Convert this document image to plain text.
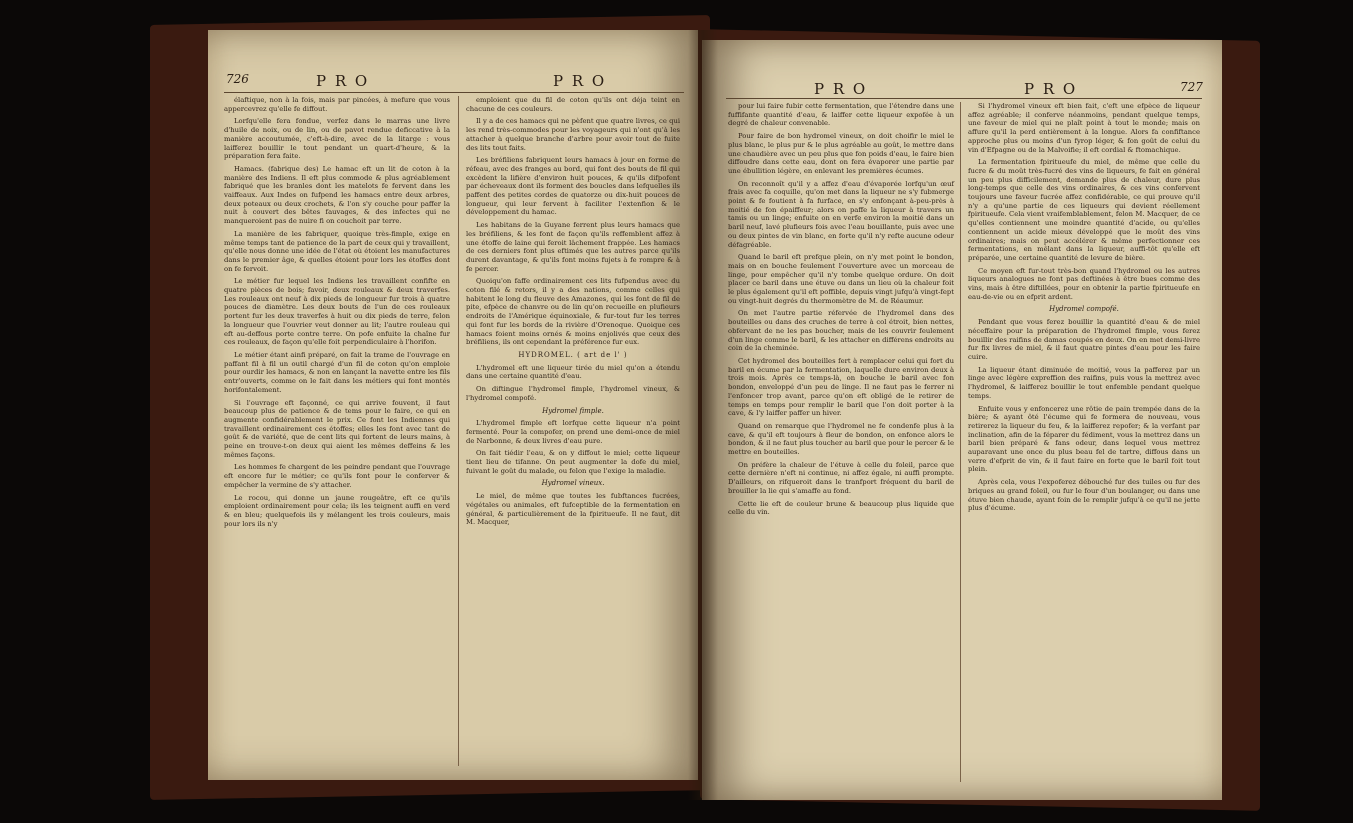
726	P R O	P R O

élaftique, non à la fois, mais par pincées, à mefure que vous appercevrez qu'elle fe diffout.

Lorfqu'elle fera fondue, verfez dans le marras une livre d'huile de noix, ou de lin, ou de pavot rendue deficcative à la manière accoutumée, c'eft-à-dire, avec de la litarge : vous laifferez bouillir le tout pendant un quart-d'heure, & la préparation fera faite.

Hamacs. (fabrique des) Le hamac eft un lit de coton à la manière des Indiens. Il eft plus commode & plus agréablement fabriqué que les branles dont les matelots fe fervent dans les vaiffeaux. Aux Indes on fufpend les hamacs entre deux arbres, deux poteaux ou deux crochets, & l'on s'y couche pour paffer la nuit à couvert des bêtes fauvages, & des infectes qui ne manqueroient pas de nuire fi on couchoit par terre.

La manière de les fabriquer, quoique très-fimple, exige en même temps tant de patience de la part de ceux qui y travaillent, qu'elle nous donne une idée de l'état où étoient les manufactures dans le premier âge, & quelles étoient pour lors les étoffes dont on fe fervoit.

Le métier fur lequel les Indiens les travaillent confifte en quatre pièces de bois; favoir, deux rouleaux & deux traverfes. Les rouleaux ont neuf à dix pieds de longueur fur trois à quatre pouces de diamètre. Les deux bouts de l'un de ces rouleaux portent fur les deux traverfes à huit ou dix pieds de terre, felon la longueur que l'ouvrier veut donner au lit; l'autre rouleau qui eft au-deffous porte contre terre. On pofe enfuite la chaîne fur ces rouleaux, de façon qu'elle foit perpendiculaire à l'horifon.

Le métier étant ainfi préparé, on fait la trame de l'ouvrage en paffant fil à fil un outil chargé d'un fil de coton qu'on emploie pour ourdir les hamacs, & non en lançant la navette entre les fils entr'ouverts, comme on le fait dans les métiers qui font montés horifontalement.

Si l'ouvrage eft façonné, ce qui arrive fouvent, il faut beaucoup plus de patience & de tems pour le faire, ce qui en augmente confidérablement le prix. Ce font les Indiennes qui travaillent ordinairement ces étoffes; elles les font avec tant de goût & de variété, que de cent lits qui fortent de leurs mains, à peine en trouve-t-on deux qui aient les mêmes deffeins & les mêmes façons.

Les hommes fe chargent de les peindre pendant que l'ouvrage eft encore fur le métier; ce qu'ils font pour le conferver & empêcher la vermine de s'y attacher.

Le rocou, qui donne un jaune rougeâtre, eft ce qu'ils emploient ordinairement pour cela; ils les teignent auffi en verd & en bleu; quelquefois ils y mélangent les trois couleurs, mais pour lors ils n'y

emploient que du fil de coton qu'ils ont déja teint en chacune de ces couleurs.

Il y a de ces hamacs qui ne pèfent que quatre livres, ce qui les rend très-commodes pour les voyageurs qui n'ont qu'à les attacher à quelque branche d'arbre pour avoir tout de fuite des lits tout faits.

Les bréfiliens fabriquent leurs hamacs à jour en forme de réfeau, avec des franges au bord, qui font des bouts de fil qui excèdent la lifière d'environ huit pouces, & qu'ils difpofent par écheveaux dont ils forment des boucles dans lefquelles ils paffent des petites cordes de quatorze ou dix-huit pouces de longueur, qui leur fervent à faciliter l'extenfion & le développement du hamac.

Les habitans de la Guyane ferrent plus leurs hamacs que les bréfiliens, & les font de façon qu'ils reffemblent affez à une étoffe de laine qui feroit lâchement frappée. Les hamacs de ces derniers font plus eftimés que les autres parce qu'ils durent davantage, & qu'ils font moins fujets à fe rompre & à fe percer.

Quoiqu'on faffe ordinairement ces lits fufpendus avec du coton filé & retors, il y a des nations, comme celles qui habitent le long du fleuve des Amazones, qui les font de fil de pite, efpèce de chanvre ou de lin qu'on recueille en plufieurs endroits de l'Amérique équinoxiale, & fur-tout fur les terres qui font fur les bords de la rivière d'Orenoque. Quoique ces hamacs foient moins ornés & moins enjolivés que ceux des bréfiliens, ils ont cependant la préférence fur eux.

HYDROMEL. ( art de l' )

L'hydromel eft une liqueur tirée du miel qu'on a étendu dans une certaine quantité d'eau.

On diftingue l'hydromel fimple, l'hydromel vineux, & l'hydromel compofé.

Hydromel fimple.

L'hydromel fimple eft lorfque cette liqueur n'a point fermenté. Pour la compofer, on prend une demi-once de miel de Narbonne, & deux livres d'eau pure.

On fait tiédir l'eau, & on y diffout le miel; cette liqueur tient lieu de tifanne. On peut augmenter la dofe du miel, fuivant le goût du malade, ou felon que l'exige la maladie.

Hydromel vineux.

Le miel, de même que toutes les fubftances fucrées, végétales ou animales, eft fufceptible de la fermentation en général, & particulièrement de la fpiritueufe. Il ne faut, dit M. Macquer,

P R O	P R O	727

pour lui faire fubir cette fermentation, que l'étendre dans une fuffifante quantité d'eau, & laiffer cette liqueur expofée à un degré de chaleur convenable.

Pour faire de bon hydromel vineux, on doit choifir le miel le plus blanc, le plus pur & le plus agréable au goût, le mettre dans une chaudière avec un peu plus que fon poids d'eau, le faire bien diffoudre dans cette eau, dont on fera évaporer une partie par une ébullition légère, en enlevant les premières écumes.

On reconnoît qu'il y a affez d'eau d'évaporée lorfqu'un œuf frais avec fa coquille, qu'on met dans la liqueur ne s'y fubmerge point & fe foutient à fa furface, en s'y enfonçant à-peu-près à moitié de fon épaiffeur; alors on paffe la liqueur à travers un tamis ou un linge; enfuite on en verfe environ la moitié dans un baril neuf, lavé plufieurs fois avec l'eau bouillante, puis avec une ou deux pintes de vin blanc, en forte qu'il n'y refte aucune odeur défagréable.

Quand le baril eft prefque plein, on n'y met point le bondon, mais on en bouche feulement l'ouverture avec un morceau de linge, pour empêcher qu'il n'y tombe quelque ordure. On doit placer ce baril dans une étuve ou dans un lieu où la chaleur foit le plus également qu'il eft poffible, depuis vingt jufqu'à vingt-fept ou vingt-huit degrés du thermomètre de M. de Réaumur.

On met l'autre partie réfervée de l'hydromel dans des bouteilles ou dans des cruches de terre à col étroit, bien nettes, obfervant de ne les pas boucher, mais de les couvrir feulement d'un linge comme le baril, & les attacher en différens endroits au coin de la cheminée.

Cet hydromel des bouteilles fert à remplacer celui qui fort du baril en écume par la fermentation, laquelle dure environ deux à trois mois. Après ce temps-là, on bouche le baril avec fon bondon, enveloppé d'un peu de linge. Il ne faut pas le ferrer ni l'enfoncer trop avant, parce qu'on eft obligé de le retirer de temps en temps pour remplir le baril que l'on doit porter à la cave, & l'y laiffer paffer un hiver.

Quand on remarque que l'hydromel ne fe condenfe plus à la cave, & qu'il eft toujours à fleur de bondon, on enfonce alors le bondon, & il ne faut plus toucher au baril que pour le percer & le mettre en bouteilles.

On préfère la chaleur de l'étuve à celle du foleil, parce que cette dernière n'eft ni continue, ni affez égale, ni auffi prompte. D'ailleurs, on rifqueroit dans le tranfport fréquent du baril de brouiller la lie qui s'amaffe au fond.

Cette lie eft de couleur brune & beaucoup plus liquide que celle du vin.

Si l'hydromel vineux eft bien fait, c'eft une efpèce de liqueur affez agréable; il conferve néanmoins, pendant quelque temps, une faveur de miel qui ne plaît point à tout le monde; mais on affure qu'il la perd entièrement à la longue. Alors fa confiftance approche plus ou moins d'un fyrop léger, & fon goût de celui du vin d'Efpagne ou de la Malvoifie; il eft cordial & ftomachique.

La fermentation fpiritueufe du miel, de même que celle du fucre & du moût très-fucré des vins de liqueurs, fe fait en général un peu plus difficilement, demande plus de chaleur, dure plus long-temps que celle des vins ordinaires, & ces vins confervent toujours une faveur fucrée affez confidérable, ce qui prouve qu'il n'y a qu'une partie de ces liqueurs qui devient réellement fpiritueufe. Cela vient vraifemblablement, felon M. Macquer, de ce qu'elles contiennent une moindre quantité d'acide, ou qu'elles contiennent un acide mieux développé que le moût des vins ordinaires; mais on peut accélérer & même perfectionner ces fermentations, en mêlant dans la liqueur, auffi-tôt qu'elle eft préparée, une certaine quantité de levure de bière.

Ce moyen eft fur-tout très-bon quand l'hydromel ou les autres liqueurs analogues ne font pas deftinées à être bues comme des vins, mais à être diftillées, pour en obtenir la partie fpiritueufe en eau-de-vie ou en efprit ardent.

Hydromel compofé.

Pendant que vous ferez bouillir la quantité d'eau & de miel néceffaire pour la préparation de l'hydromel fimple, vous ferez bouillir des raifins de damas coupés en deux. On en met demi-livre fur fix livres de miel, & il faut quatre pintes d'eau pour les faire cuire.

La liqueur étant diminuée de moitié, vous la pafferez par un linge avec légère expreffion des raifins, puis vous la mettrez avec l'hydromel, & laifferez bouillir le tout enfemble pendant quelque temps.

Enfuite vous y enfoncerez une rôtie de pain trempée dans de la bière; & ayant ôté l'écume qui fe formera de nouveau, vous retirerez la liqueur du feu, & la laifferez repofer; & la verfant par inclination, afin de la féparer du fédiment, vous la mettrez dans un baril bien préparé & fans odeur, dans lequel vous mettrez auparavant une once du plus beau fel de tartre, diffous dans un verre d'efprit de vin, & il faut faire en forte que le baril foit tout plein.

Après cela, vous l'expoferez débouché fur des tuiles ou fur des briques au grand foleil, ou fur le four d'un boulanger, ou dans une étuve bien chaude, ayant foin de le remplir jufqu'à ce qu'il ne jette plus d'écume.
